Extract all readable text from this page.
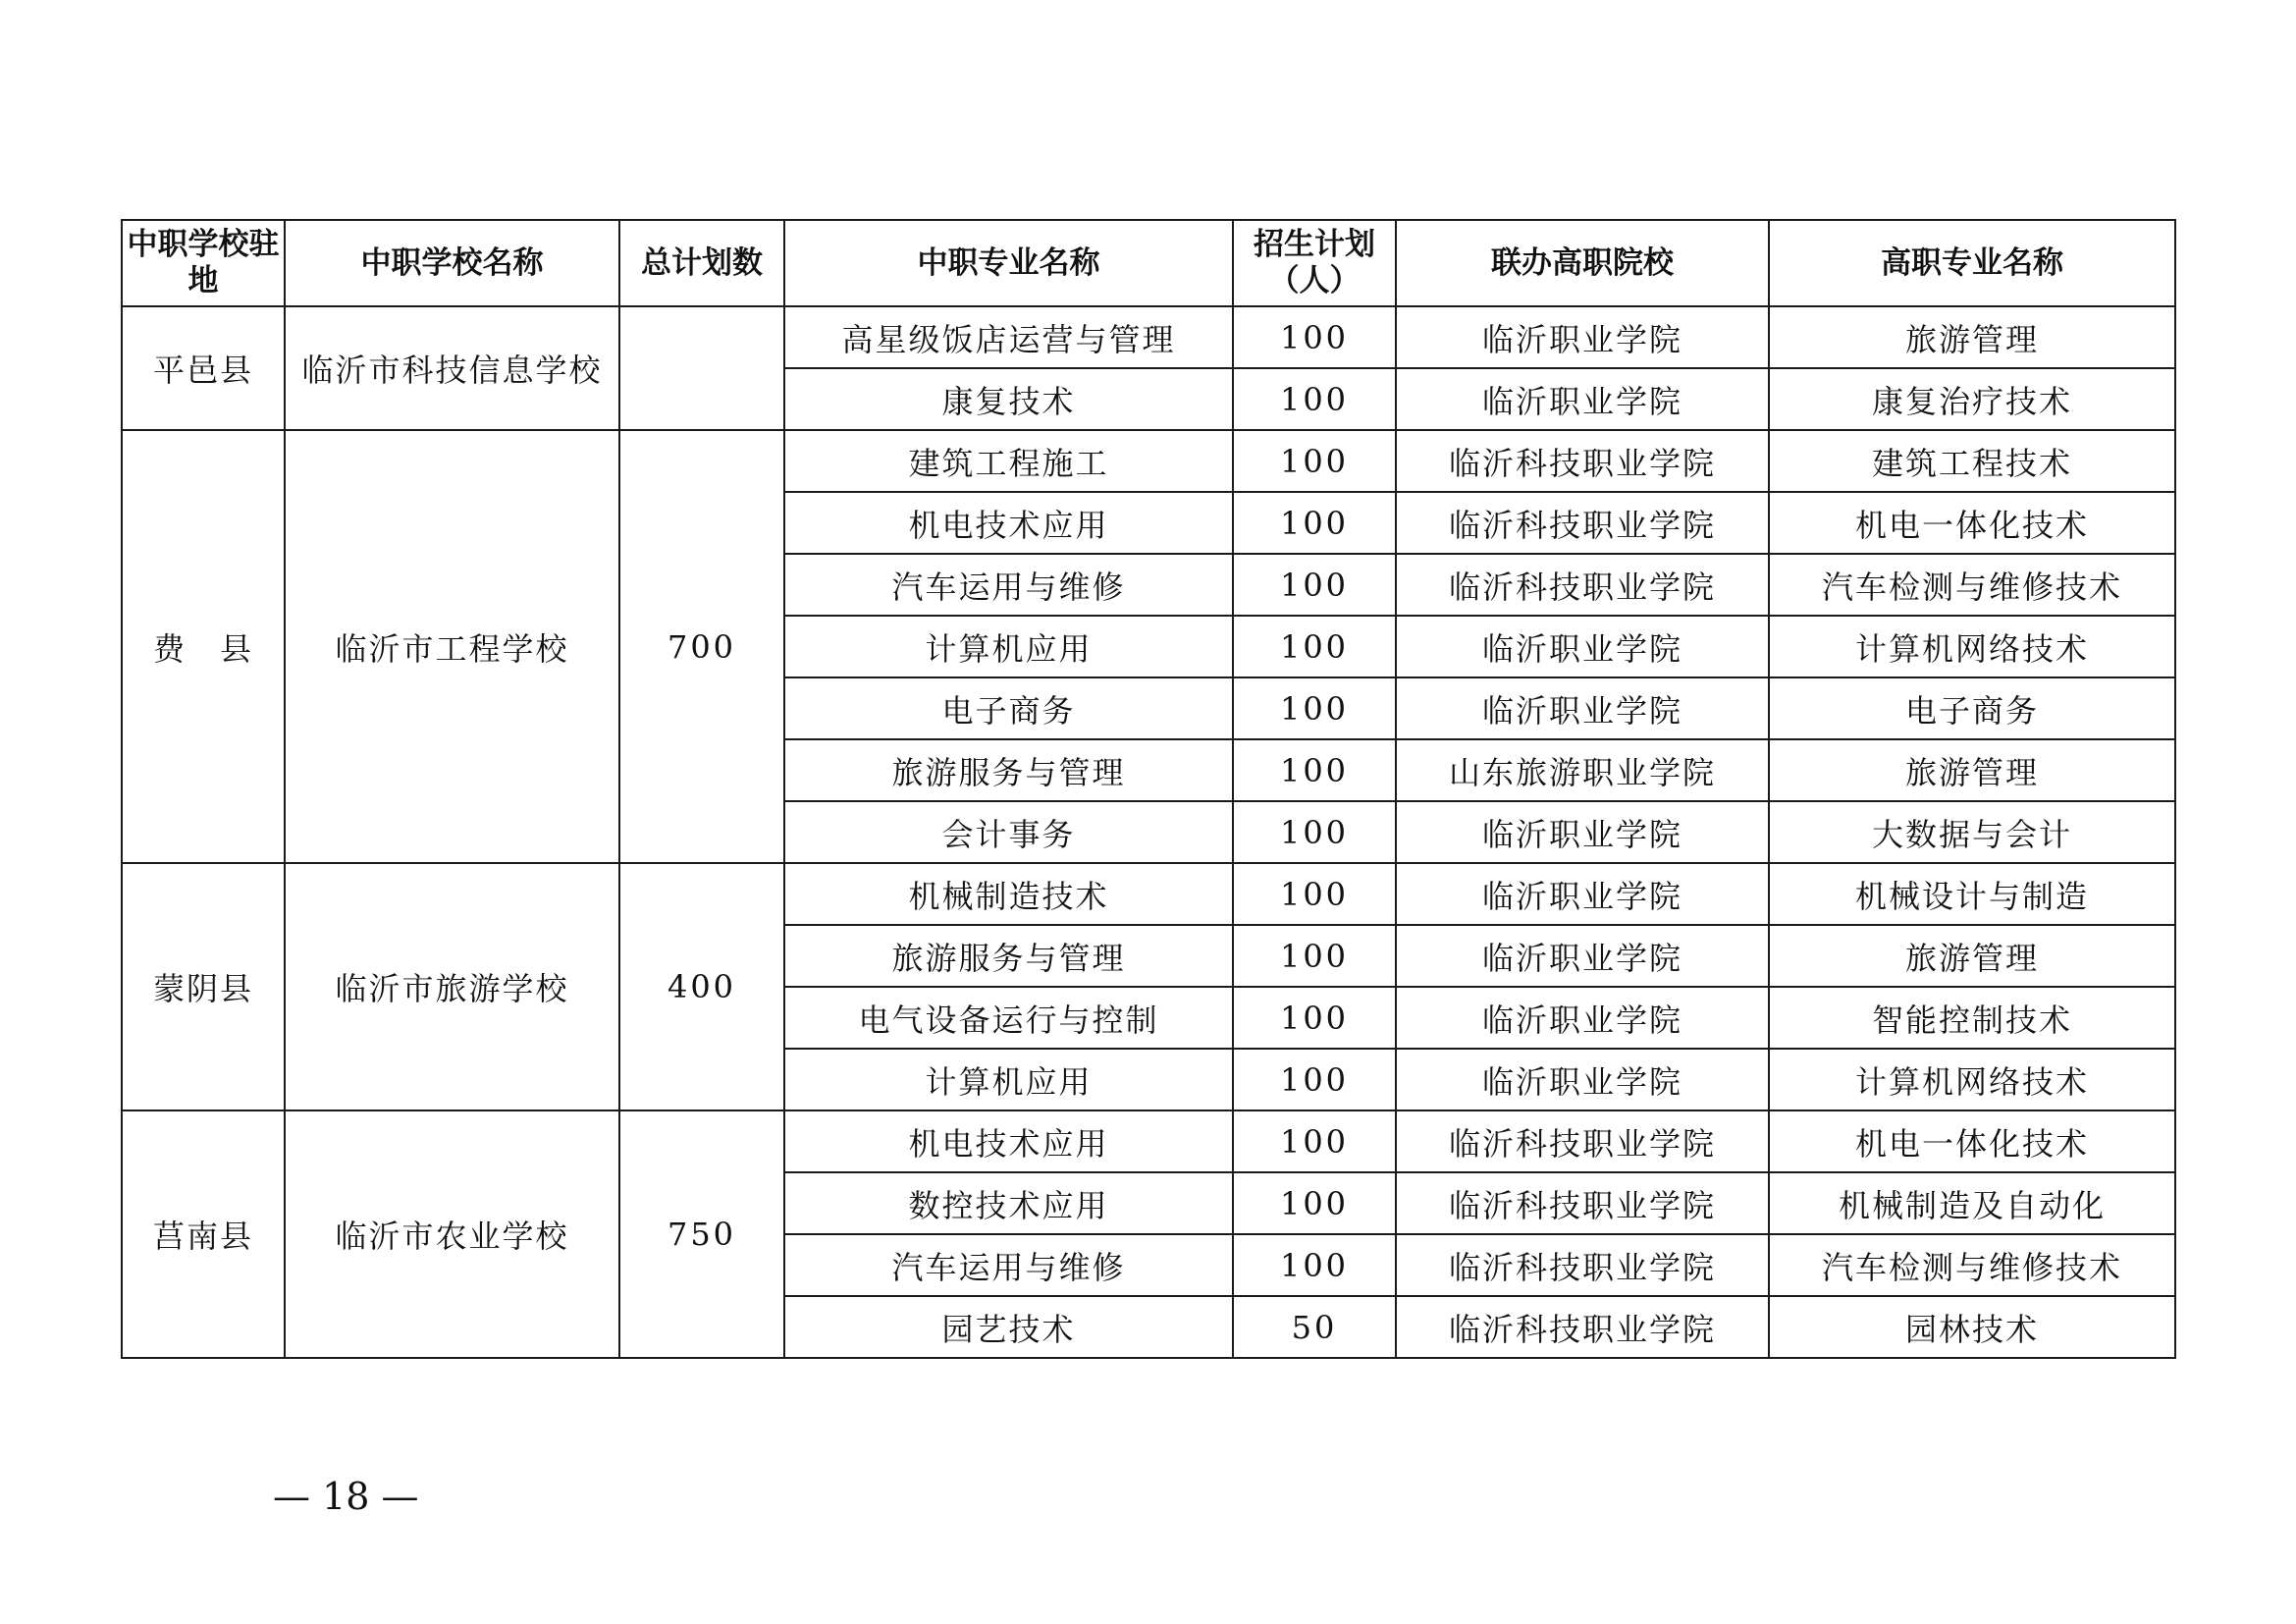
中职学校驻地	中职学校名称	总计划数	中职专业名称	招生计划（人）	联办高职院校	高职专业名称
平邑县	临沂市科技信息学校		高星级饭店运营与管理	100	临沂职业学院	旅游管理
			康复技术	100	临沂职业学院	康复治疗技术
费　县	临沂市工程学校	700	建筑工程施工	100	临沂科技职业学院	建筑工程技术
			机电技术应用	100	临沂科技职业学院	机电一体化技术
			汽车运用与维修	100	临沂科技职业学院	汽车检测与维修技术
			计算机应用	100	临沂职业学院	计算机网络技术
			电子商务	100	临沂职业学院	电子商务
			旅游服务与管理	100	山东旅游职业学院	旅游管理
			会计事务	100	临沂职业学院	大数据与会计
蒙阴县	临沂市旅游学校	400	机械制造技术	100	临沂职业学院	机械设计与制造
			旅游服务与管理	100	临沂职业学院	旅游管理
			电气设备运行与控制	100	临沂职业学院	智能控制技术
			计算机应用	100	临沂职业学院	计算机网络技术
莒南县	临沂市农业学校	750	机电技术应用	100	临沂科技职业学院	机电一体化技术
			数控技术应用	100	临沂科技职业学院	机械制造及自动化
			汽车运用与维修	100	临沂科技职业学院	汽车检测与维修技术
			园艺技术	50	临沂科技职业学院	园林技术
— 18 —
